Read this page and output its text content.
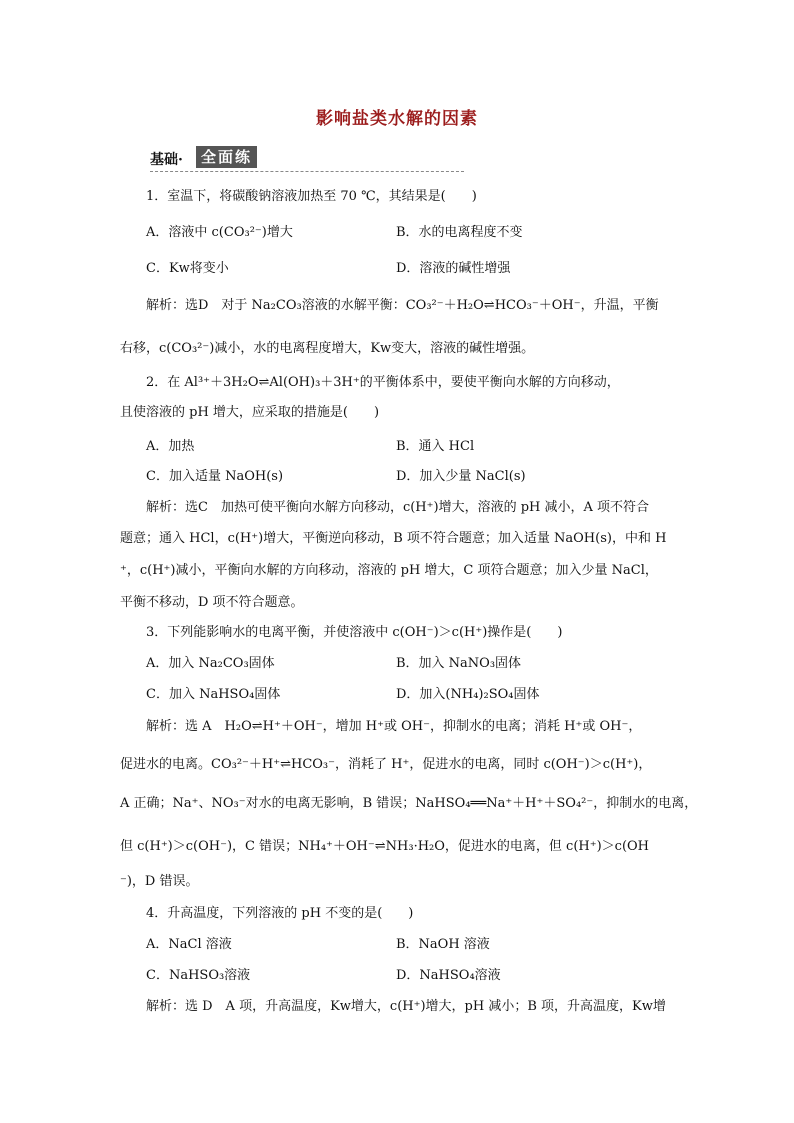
影响盐类水解的因素
基础·	全面练
1．室温下，将碳酸钠溶液加热至 70 ℃，其结果是(　　)
A．溶液中 c(CO₃²⁻)增大	B．水的电离程度不变
C．Kw将变小	D．溶液的碱性增强
解析：选D　对于 Na₂CO₃溶液的水解平衡：CO₃²⁻＋H₂O⇌HCO₃⁻＋OH⁻，升温，平衡
右移，c(CO₃²⁻)减小，水的电离程度增大，Kw变大，溶液的碱性增强。
2．在 Al³⁺＋3H₂O⇌Al(OH)₃＋3H⁺的平衡体系中，要使平衡向水解的方向移动，
且使溶液的 pH 增大，应采取的措施是(　　)
A．加热	B．通入 HCl
C．加入适量 NaOH(s)	D．加入少量 NaCl(s)
解析：选C　加热可使平衡向水解方向移动，c(H⁺)增大，溶液的 pH 减小，A 项不符合
题意；通入 HCl，c(H⁺)增大，平衡逆向移动，B 项不符合题意；加入适量 NaOH(s)，中和 H
⁺，c(H⁺)减小，平衡向水解的方向移动，溶液的 pH 增大，C 项符合题意；加入少量 NaCl，
平衡不移动，D 项不符合题意。
3．下列能影响水的电离平衡，并使溶液中 c(OH⁻)＞c(H⁺)操作是(　　)
A．加入 Na₂CO₃固体	B．加入 NaNO₃固体
C．加入 NaHSO₄固体	D．加入(NH₄)₂SO₄固体
解析：选 A　H₂O⇌H⁺＋OH⁻，增加 H⁺或 OH⁻，抑制水的电离；消耗 H⁺或 OH⁻，
促进水的电离。CO₃²⁻＋H⁺⇌HCO₃⁻，消耗了 H⁺，促进水的电离，同时 c(OH⁻)＞c(H⁺)，
A 正确；Na⁺、NO₃⁻对水的电离无影响，B 错误；NaHSO₄══Na⁺＋H⁺＋SO₄²⁻，抑制水的电离，
但 c(H⁺)＞c(OH⁻)，C 错误；NH₄⁺＋OH⁻⇌NH₃·H₂O，促进水的电离，但 c(H⁺)＞c(OH
⁻)，D 错误。
4．升高温度，下列溶液的 pH 不变的是(　　)
A．NaCl 溶液	B．NaOH 溶液
C．NaHSO₃溶液	D．NaHSO₄溶液
解析：选 D　A 项，升高温度，Kw增大，c(H⁺)增大，pH 减小；B 项，升高温度，Kw增
